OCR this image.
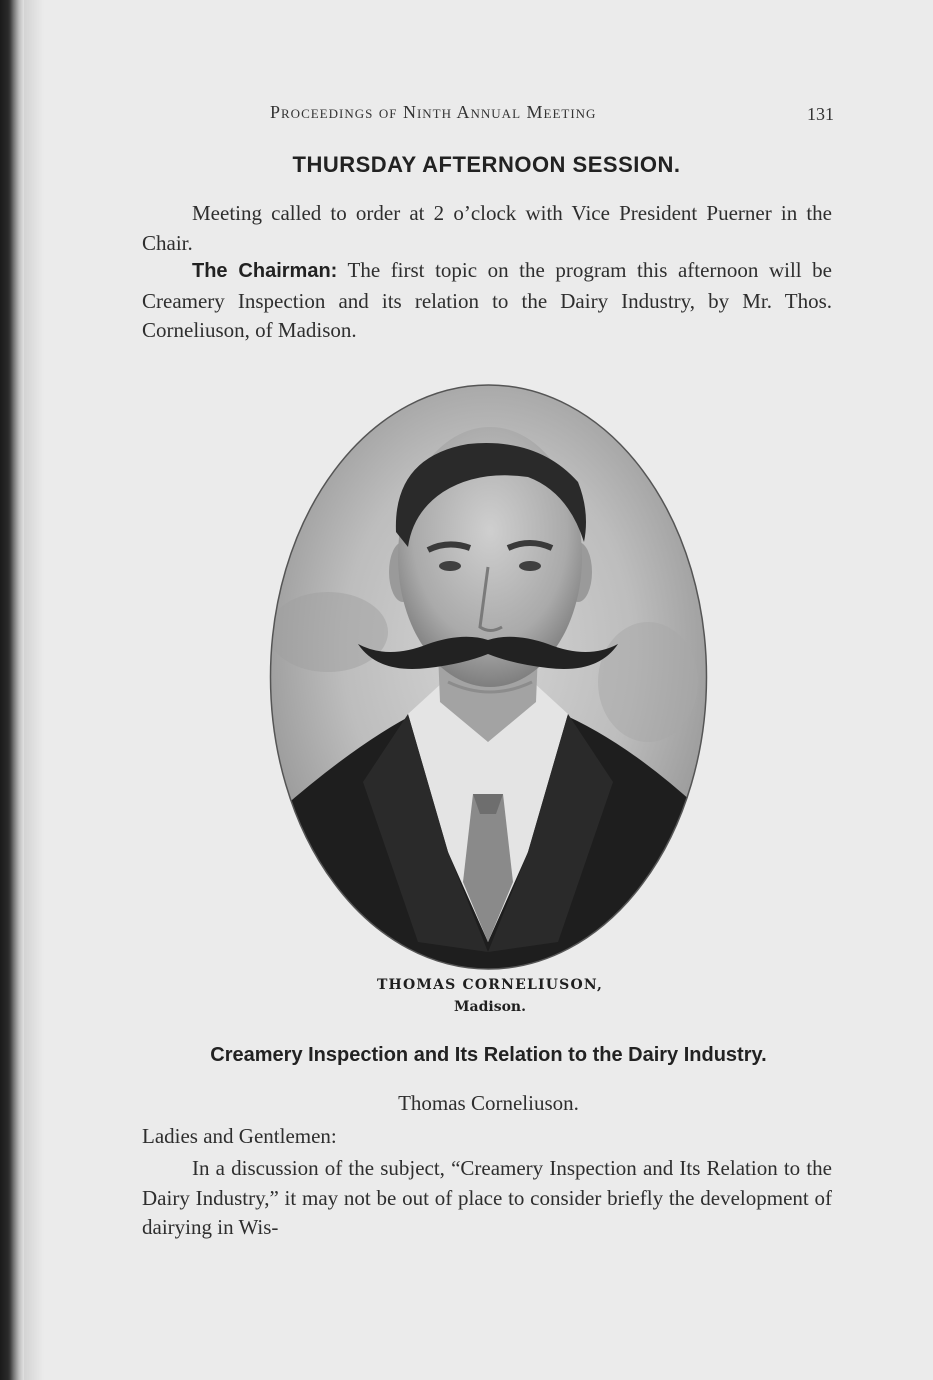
Proceedings of Ninth Annual Meeting	131
THURSDAY AFTERNOON SESSION.
Meeting called to order at 2 o’clock with Vice President Puerner in the Chair.
The Chairman: The first topic on the program this afternoon will be Creamery Inspection and its relation to the Dairy Industry, by Mr. Thos. Corneliuson, of Madison.
THOMAS CORNELIUSON,
Madison.
Creamery Inspection and Its Relation to the Dairy Industry.
Thomas Corneliuson.
Ladies and Gentlemen:
In a discussion of the subject, “Creamery Inspection and Its Relation to the Dairy Industry,” it may not be out of place to consider briefly the development of dairying in Wis-
